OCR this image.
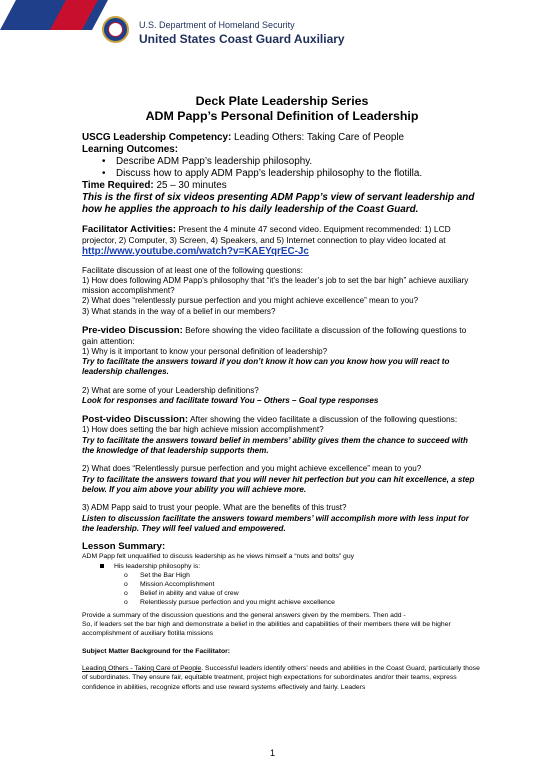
U.S. Department of Homeland Security
United States Coast Guard Auxiliary

Deck Plate Leadership Series

ADM Papp’s Personal Definition of Leadership

USCG Leadership Competency: Leading Others: Taking Care of People

Learning Outcomes:

• Describe ADM Papp’s leadership philosophy.
• Discuss how to apply ADM Papp’s leadership philosophy to the flotilla.

Time Required: 25 – 30 minutes

This is the first of six videos presenting ADM Papp’s view of servant leadership and how he applies the approach to his daily leadership of the Coast Guard.

Facilitator Activities: Present the 4 minute 47 second video. Equipment recommended: 1) LCD projector, 2) Computer, 3) Screen, 4) Speakers, and 5) Internet connection to play video located at

http://www.youtube.com/watch?v=KAEYqrEC-Jc

Facilitate discussion of at least one of the following questions:

1) How does following ADM Papp’s philosophy that “it’s the leader’s job to set the bar high” achieve auxiliary mission accomplishment?

2) What does “relentlessly pursue perfection and you might achieve excellence” mean to you?

3) What stands in the way of a belief in our members?

Pre-video Discussion: Before showing the video facilitate a discussion of the following questions to gain attention:

1) Why is it important to know your personal definition of leadership?

Try to facilitate the answers toward if you don’t know it how can you know how you will react to leadership challenges.

2) What are some of your Leadership definitions?

Look for responses and facilitate toward You – Others – Goal type responses

Post-video Discussion: After showing the video facilitate a discussion of the following questions:

1) How does setting the bar high achieve mission accomplishment?

Try to facilitate the answers toward belief in members’ ability gives them the chance to succeed with the knowledge of that leadership supports them.

2) What does “Relentlessly pursue perfection and you might achieve excellence” mean to you?

Try to facilitate the answers toward that you will never hit perfection but you can hit excellence, a step below. If you aim above your ability you will achieve more.

3) ADM Papp said to trust your people. What are the benefits of this trust?

Listen to discussion facilitate the answers toward members’ will accomplish more with less input for the leadership. They will feel valued and empowered.

Lesson Summary:

ADM Papp felt unqualified to discuss leadership as he views himself a “nuts and bolts” guy

His leadership philosophy is:
o Set the Bar High
o Mission Accomplishment
o Belief in ability and value of crew
o Relentlessly pursue perfection and you might achieve excellence

Provide a summary of the discussion questions and the general answers given by the members. Then add -

So, if leaders set the bar high and demonstrate a belief in the abilities and capabilities of their members there will be higher accomplishment of auxiliary flotilla missions

Subject Matter Background for the Facilitator:

Leading Others - Taking Care of People. Successful leaders identify others’ needs and abilities in the Coast Guard, particularly those of subordinates. They ensure fair, equitable treatment, project high expectations for subordinates and/or their teams, express confidence in abilities, recognize efforts and use reward systems effectively and fairly. Leaders

1
